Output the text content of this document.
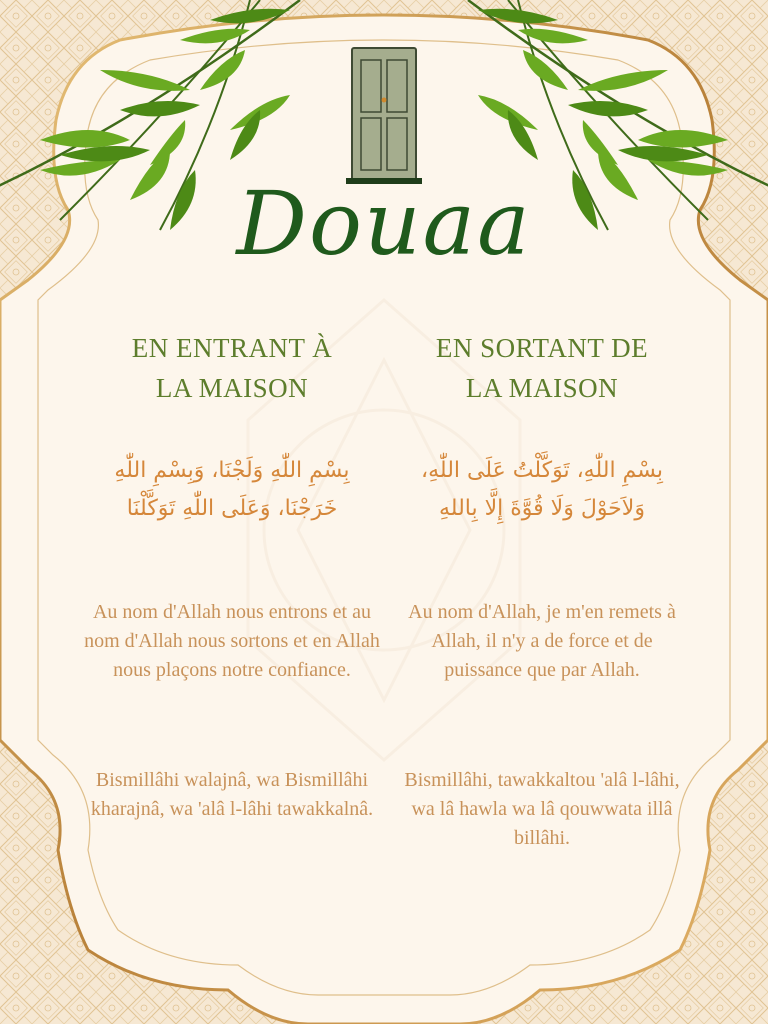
Douaa
EN ENTRANT À
LA MAISON
بِسْمِ اللّٰهِ وَلَجْنَا، وَبِسْمِ اللّٰهِ خَرَجْنَا، وَعَلَى اللّٰهِ تَوَكَّلْنَا
Au nom d'Allah nous entrons et au nom d'Allah nous sortons et en Allah nous plaçons notre confiance.
Bismillâhi walajnâ, wa Bismillâhi kharajnâ, wa 'alâ l-lâhi tawakkalnâ.
EN SORTANT DE
LA MAISON
بِسْمِ اللّٰهِ، تَوَكَّلْتُ عَلَى اللّٰهِ، وَلاَحَوْلَ وَلَا قُوَّةَ إِلَّا بِاللهِ
Au nom d'Allah, je m'en remets à Allah, il n'y a de force et de puissance que par Allah.
Bismillâhi, tawakkaltou 'alâ l-lâhi, wa lâ hawla wa lâ qouwwata illâ billâhi.
